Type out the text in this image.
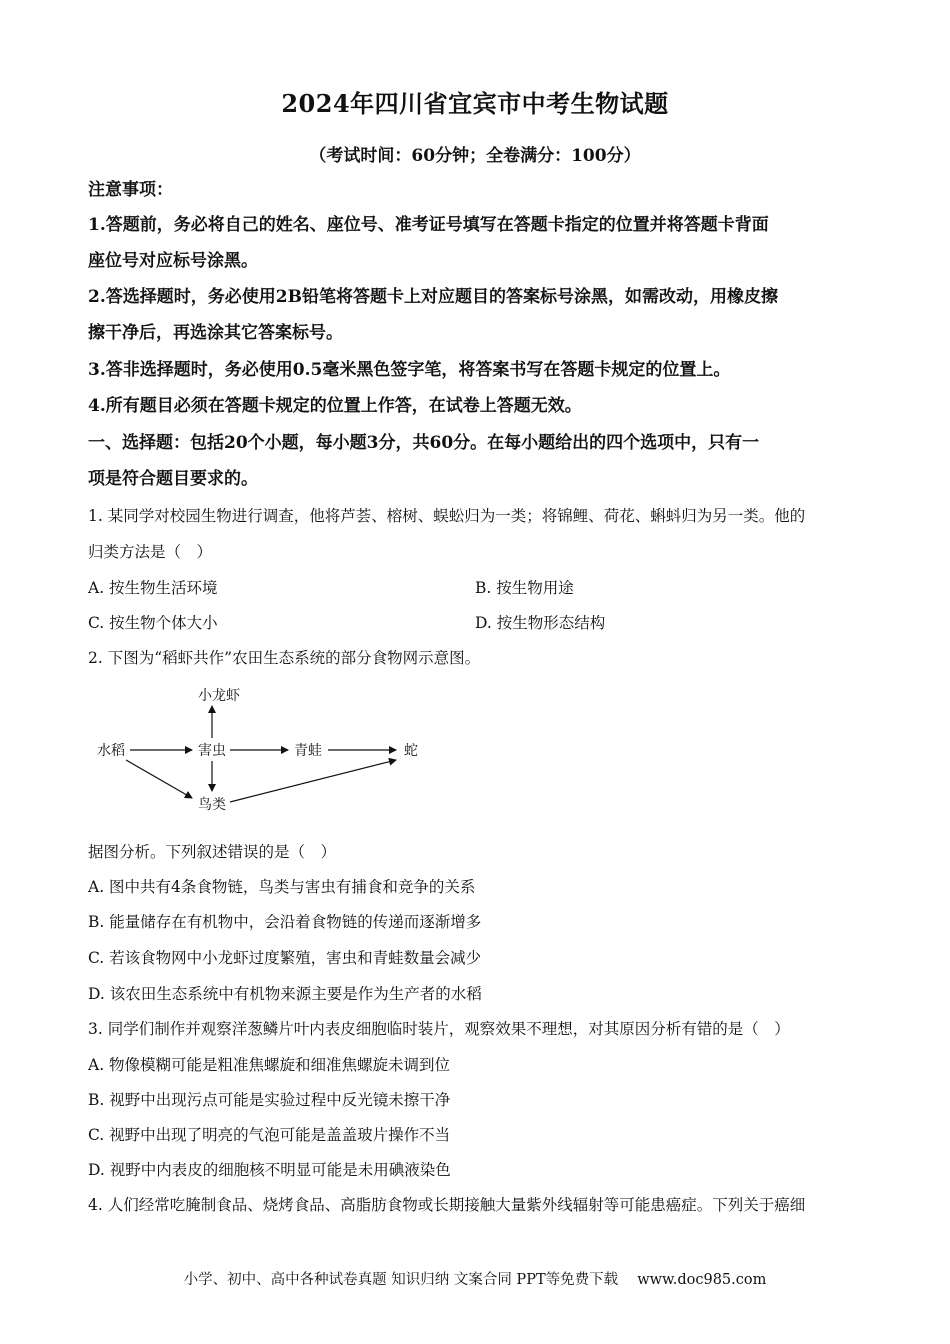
2024年四川省宜宾市中考生物试题
（考试时间：60分钟；全卷满分：100分）
注意事项：
1.答题前，务必将自己的姓名、座位号、准考证号填写在答题卡指定的位置并将答题卡背面
座位号对应标号涂黑。
2.答选择题时，务必使用2B铅笔将答题卡上对应题目的答案标号涂黑，如需改动，用橡皮擦
擦干净后，再选涂其它答案标号。
3.答非选择题时，务必使用0.5毫米黑色签字笔，将答案书写在答题卡规定的位置上。
4.所有题目必须在答题卡规定的位置上作答，在试卷上答题无效。
一、选择题：包括20个小题，每小题3分，共60分。在每小题给出的四个选项中，只有一
项是符合题目要求的。
1. 某同学对校园生物进行调查，他将芦荟、榕树、蜈蚣归为一类；将锦鲤、荷花、蝌蚪归为另一类。他的
归类方法是（　）
A. 按生物生活环境	B. 按生物用途
C. 按生物个体大小	D. 按生物形态结构
2. 下图为“稻虾共作”农田生态系统的部分食物网示意图。
小龙虾
水稻	害虫	青蛙	蛇
鸟类
据图分析。下列叙述错误的是（　）
A. 图中共有4条食物链，鸟类与害虫有捕食和竞争的关系
B. 能量储存在有机物中，会沿着食物链的传递而逐渐增多
C. 若该食物网中小龙虾过度繁殖，害虫和青蛙数量会减少
D. 该农田生态系统中有机物来源主要是作为生产者的水稻
3. 同学们制作并观察洋葱鳞片叶内表皮细胞临时装片，观察效果不理想，对其原因分析有错的是（　）
A. 物像模糊可能是粗准焦螺旋和细准焦螺旋未调到位
B. 视野中出现污点可能是实验过程中反光镜未擦干净
C. 视野中出现了明亮的气泡可能是盖盖玻片操作不当
D. 视野中内表皮的细胞核不明显可能是未用碘液染色
4. 人们经常吃腌制食品、烧烤食品、高脂肪食物或长期接触大量紫外线辐射等可能患癌症。下列关于癌细
小学、初中、高中各种试卷真题 知识归纳 文案合同 PPT等免费下载　 www.doc985.com
